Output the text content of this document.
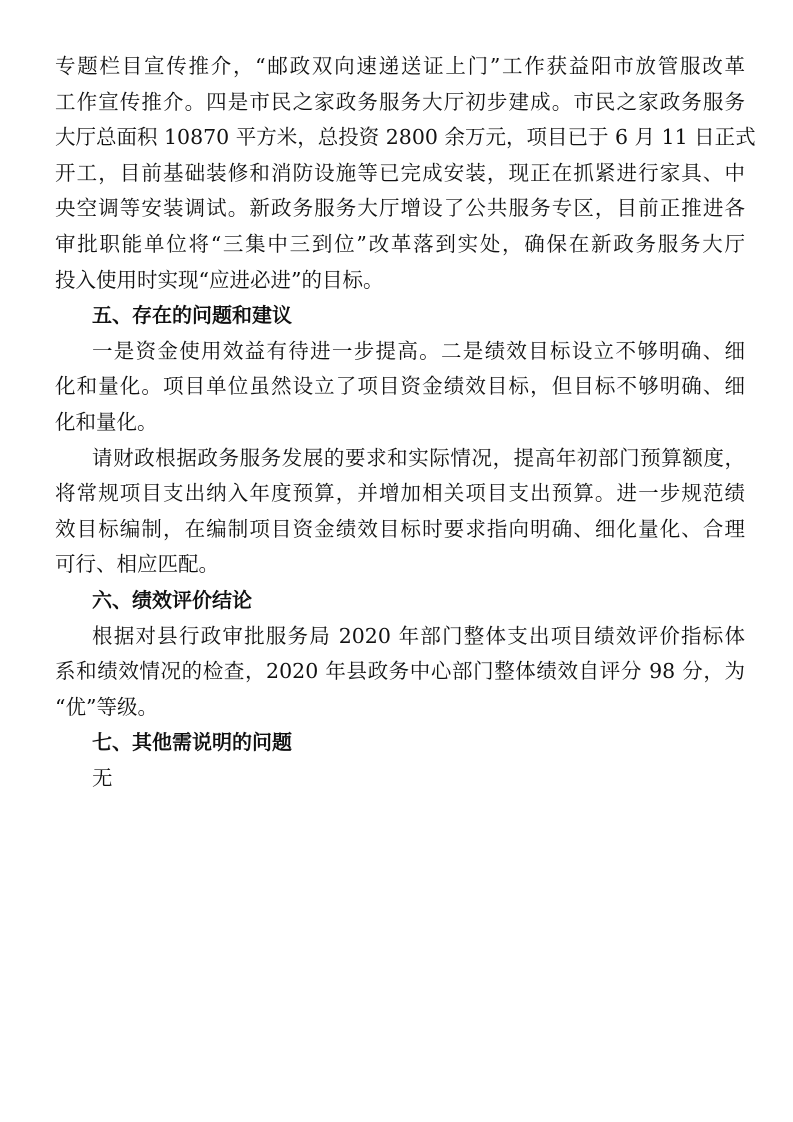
专题栏目宣传推介，“邮政双向速递送证上门”工作获益阳市放管服改革

工作宣传推介。四是市民之家政务服务大厅初步建成。市民之家政务服务

大厅总面积 10870 平方米，总投资 2800 余万元，项目已于 6 月 11 日正式

开工，目前基础装修和消防设施等已完成安装，现正在抓紧进行家具、中

央空调等安装调试。新政务服务大厅增设了公共服务专区，目前正推进各

审批职能单位将“三集中三到位”改革落到实处，确保在新政务服务大厅

投入使用时实现“应进必进”的目标。

五、存在的问题和建议

一是资金使用效益有待进一步提高。二是绩效目标设立不够明确、细

化和量化。项目单位虽然设立了项目资金绩效目标，但目标不够明确、细

化和量化。

请财政根据政务服务发展的要求和实际情况，提高年初部门预算额度，

将常规项目支出纳入年度预算，并增加相关项目支出预算。进一步规范绩

效目标编制，在编制项目资金绩效目标时要求指向明确、细化量化、合理

可行、相应匹配。

六、绩效评价结论

根据对县行政审批服务局 2020 年部门整体支出项目绩效评价指标体

系和绩效情况的检查，2020 年县政务中心部门整体绩效自评分 98 分，为

“优”等级。

七、其他需说明的问题

无
